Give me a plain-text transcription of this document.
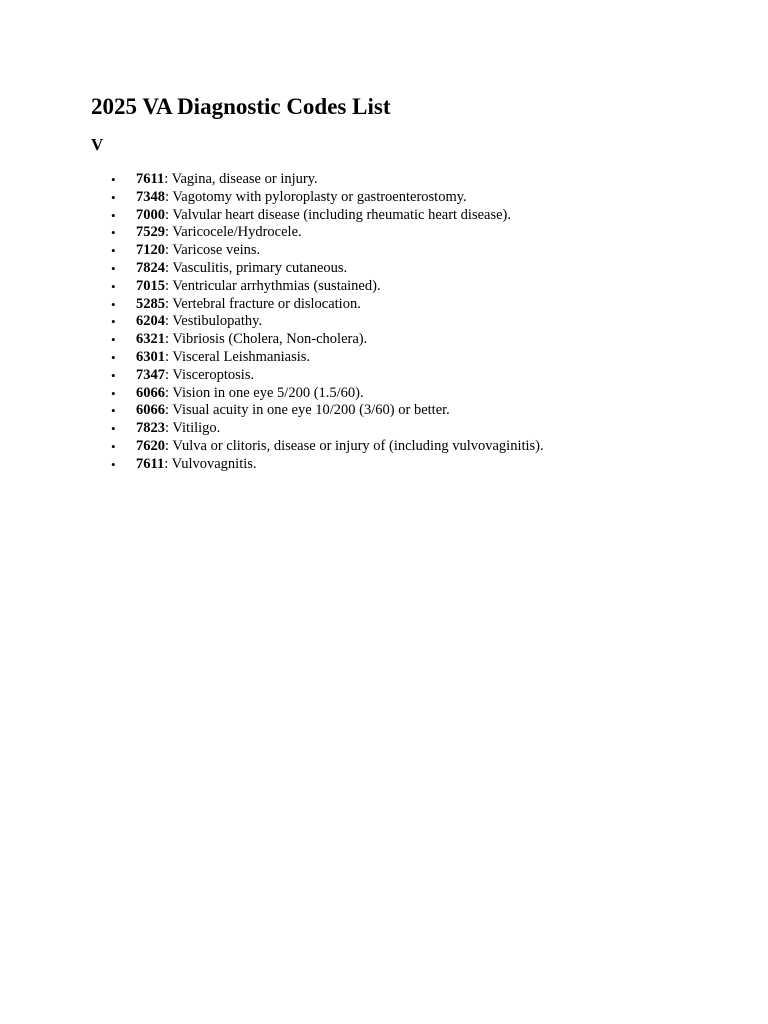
2025 VA Diagnostic Codes List
V
• 7611: Vagina, disease or injury.
• 7348: Vagotomy with pyloroplasty or gastroenterostomy.
• 7000: Valvular heart disease (including rheumatic heart disease).
• 7529: Varicocele/Hydrocele.
• 7120: Varicose veins.
• 7824: Vasculitis, primary cutaneous.
• 7015: Ventricular arrhythmias (sustained).
• 5285: Vertebral fracture or dislocation.
• 6204: Vestibulopathy.
• 6321: Vibriosis (Cholera, Non-cholera).
• 6301: Visceral Leishmaniasis.
• 7347: Visceroptosis.
• 6066: Vision in one eye 5/200 (1.5/60).
• 6066: Visual acuity in one eye 10/200 (3/60) or better.
• 7823: Vitiligo.
• 7620: Vulva or clitoris, disease or injury of (including vulvovaginitis).
• 7611: Vulvovagnitis.
